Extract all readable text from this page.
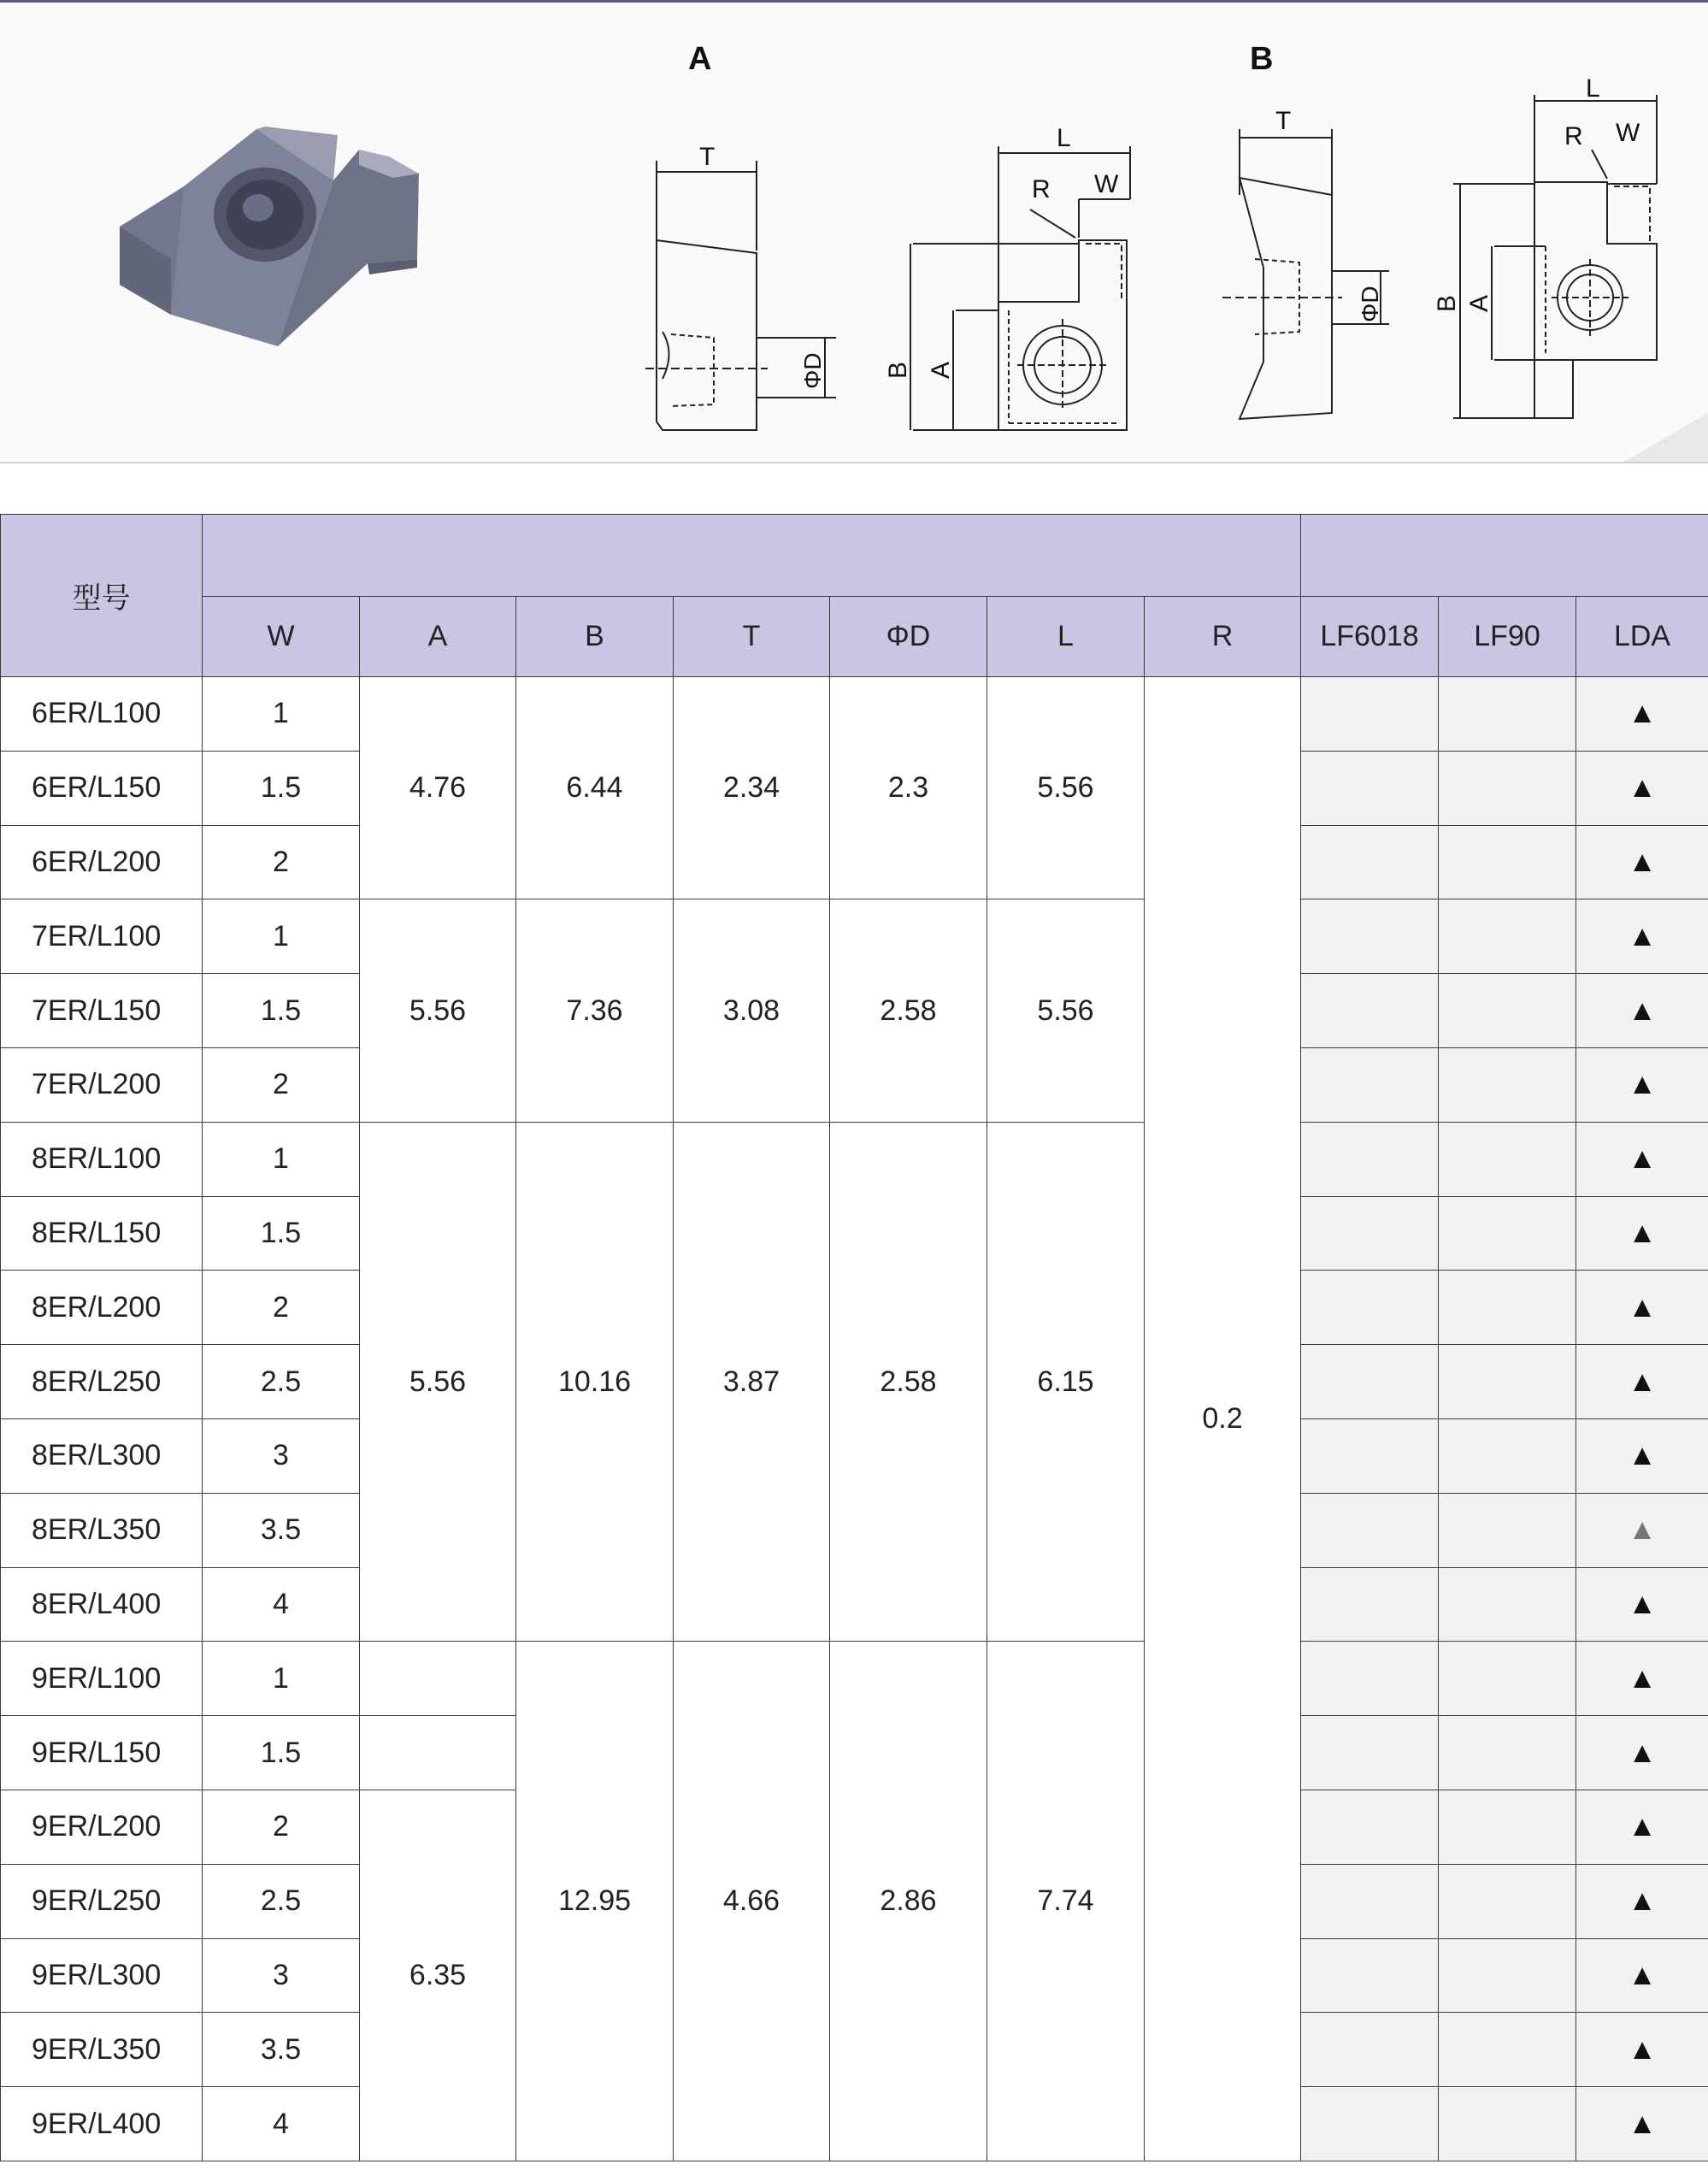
A	B
T
ΦD
L
R W
B A
T
ΦD
L
R W
B A
型号										
	W	A	B	T	ΦD	L	R	LF6018	LF90	LDA
6ER/L100	1	4.76	6.44	2.34	2.3	5.56	0.2			▲
6ER/L150	1.5									▲
6ER/L200	2									▲
7ER/L100	1	5.56	7.36	3.08	2.58	5.56				▲
7ER/L150	1.5									▲
7ER/L200	2									▲
8ER/L100	1	5.56	10.16	3.87	2.58	6.15				▲
8ER/L150	1.5									▲
8ER/L200	2									▲
8ER/L250	2.5									▲
8ER/L300	3									▲
8ER/L350	3.5									▲
8ER/L400	4									▲
9ER/L100	1		12.95	4.66	2.86	7.74				▲
9ER/L150	1.5									▲
9ER/L200	2	6.35								▲
9ER/L250	2.5									▲
9ER/L300	3									▲
9ER/L350	3.5									▲
9ER/L400	4									▲
